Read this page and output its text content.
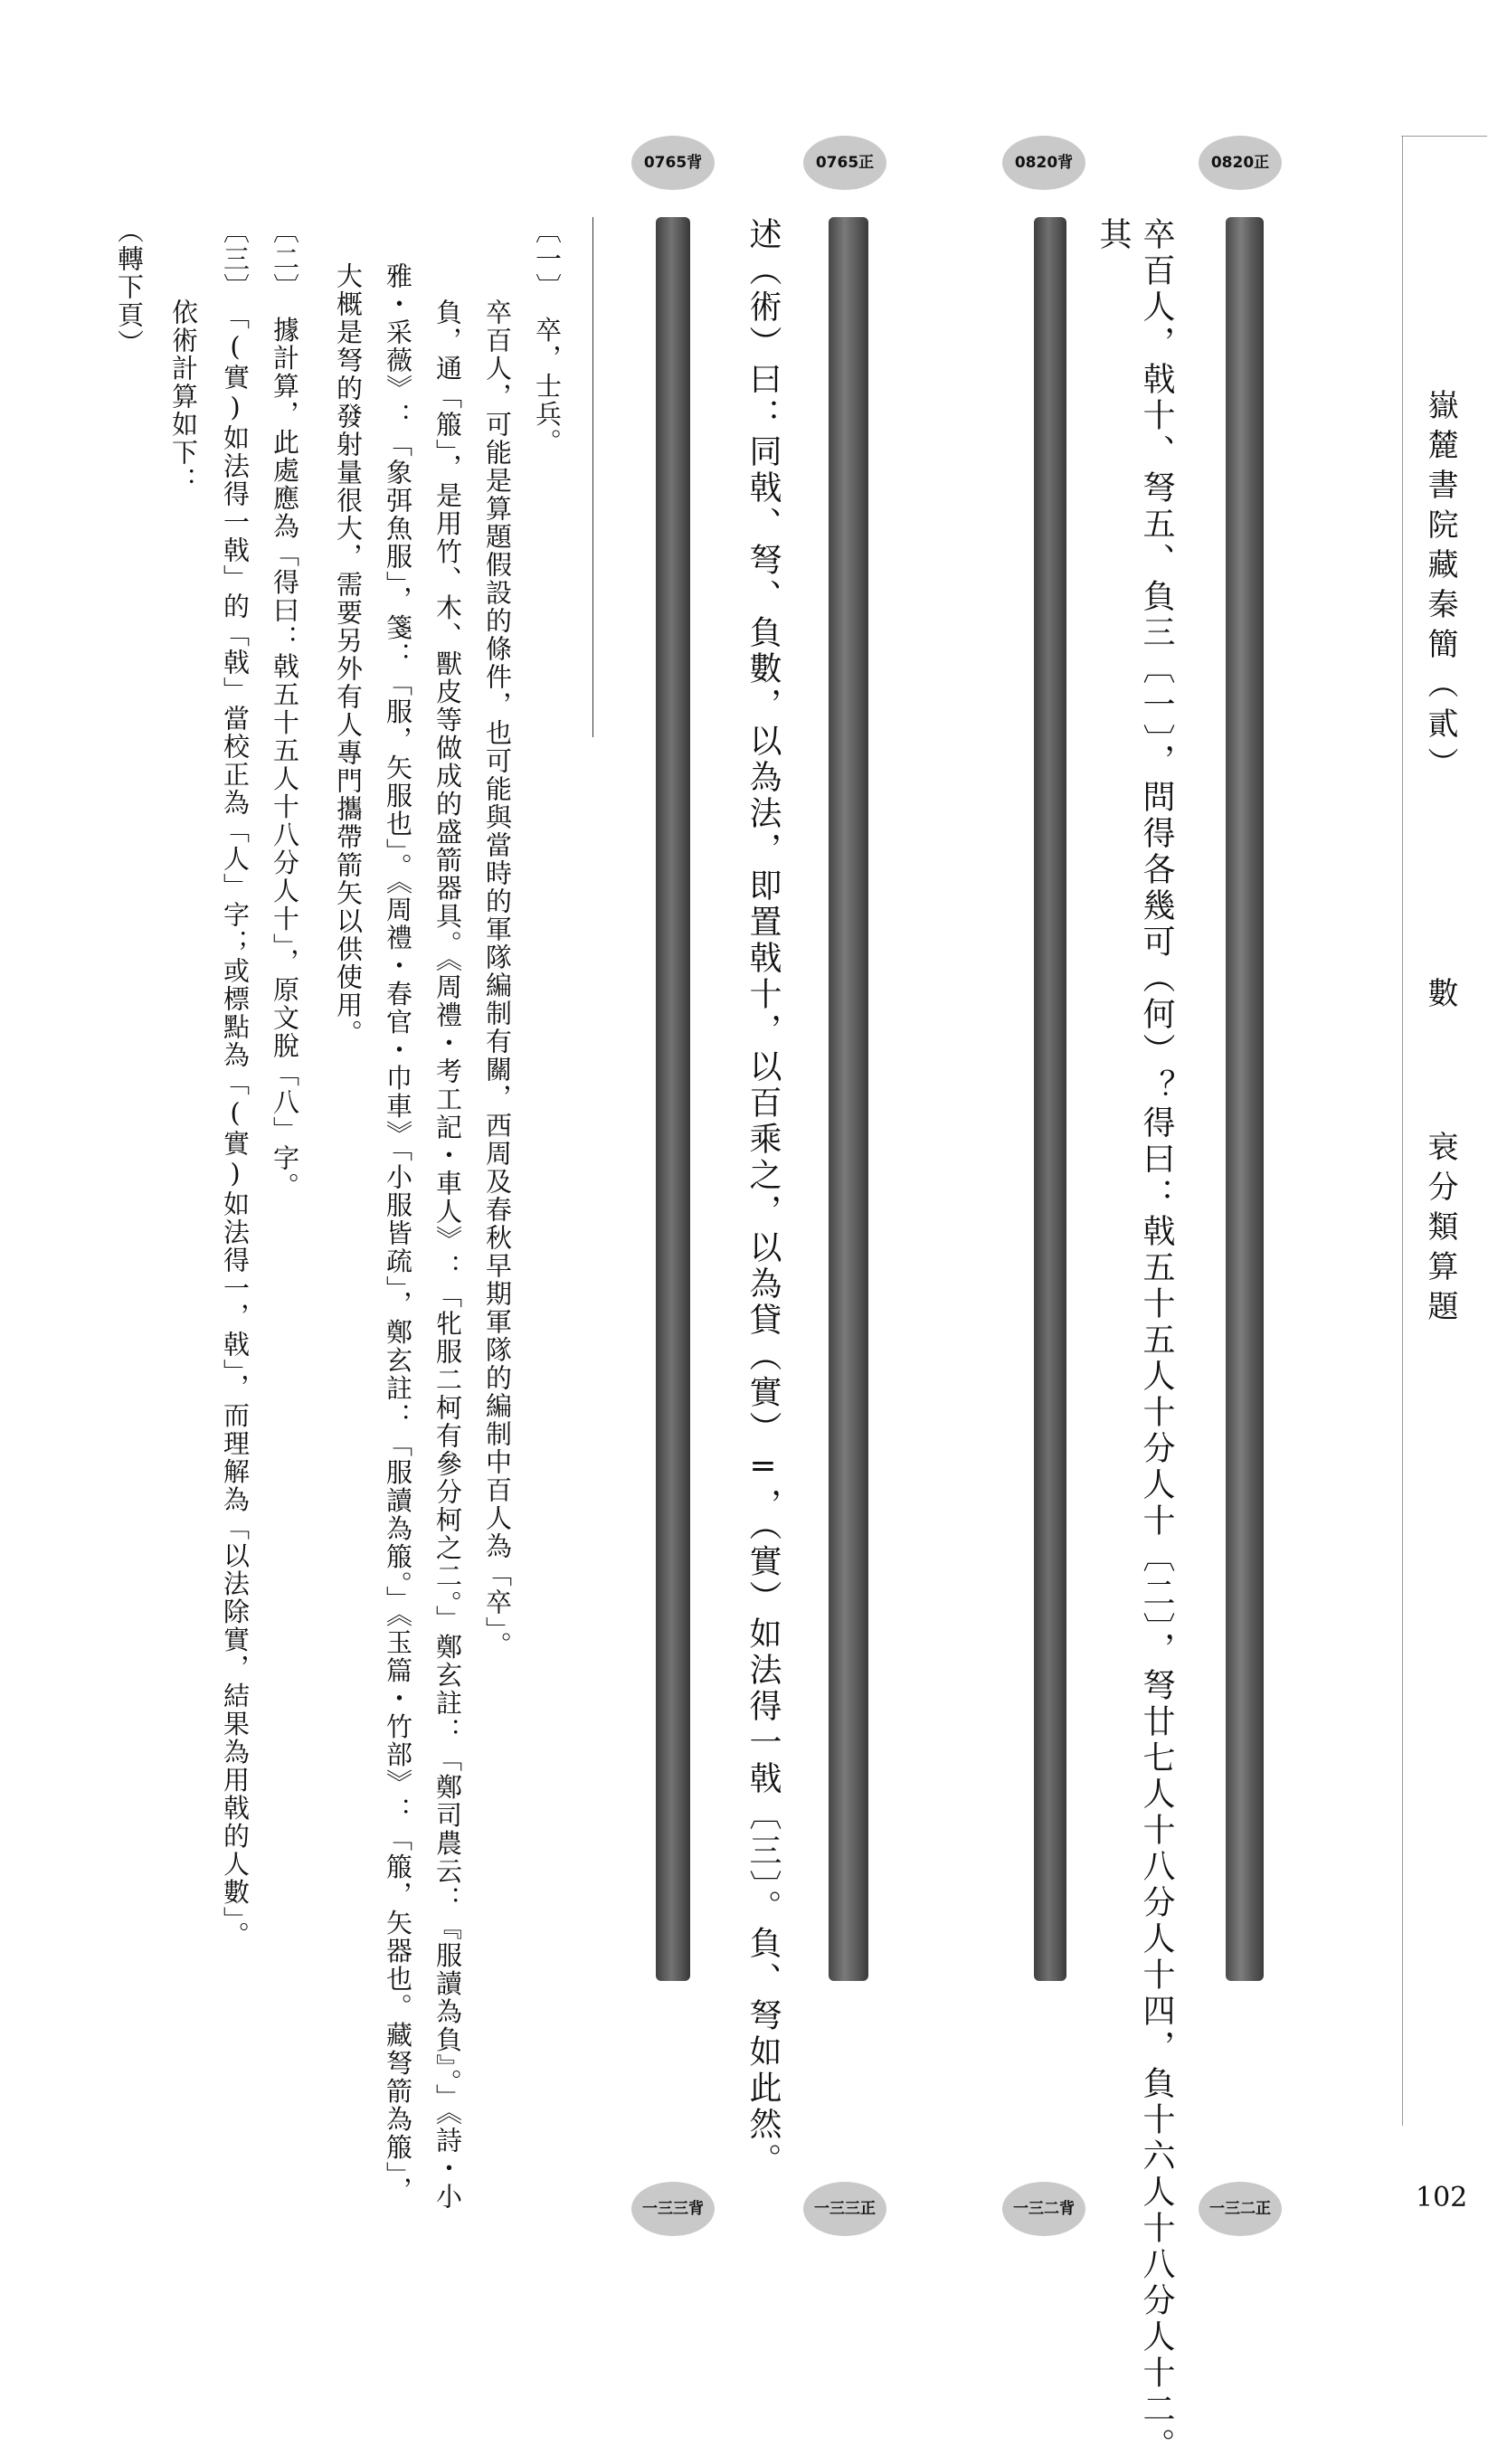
嶽麓書院藏秦簡（貳）
數
衰分類算題
102
0820正
0820背
0765正
0765背
一三二正
一三二背
一三三正
一三三背	卒百人，戟十、弩五、負三〔一〕，問得各幾可（何）？得曰：戟五十五人十分人十〔二〕，弩廿七人十八分人十四，負十六人十八分人十二。
其
述（術）曰：同戟、弩、負數，以為法，即置戟十，以百乘之，以為貸（實）=，（實）如法得一戟〔三〕。負、弩如此然。
〔一〕　卒，士兵。
卒百人，可能是算題假設的條件，也可能與當時的軍隊編制有關，西周及春秋早期軍隊的編制中百人為「卒」。
負，通「箙」，是用竹、木、獸皮等做成的盛箭器具。《周禮・考工記・車人》：「牝服二柯有參分柯之二。」鄭玄註：「鄭司農云：『服讀為負』。」《詩・小
雅・采薇》：「象弭魚服」，箋：「服，矢服也」。《周禮・春官・巾車》「小服皆疏」，鄭玄註：「服讀為箙。」《玉篇・竹部》：「箙，矢器也。藏弩箭為箙」，
大概是弩的發射量很大，需要另外有人專門攜帶箭矢以供使用。
〔二〕　據計算，此處應為「得曰：戟五十五人十八分人十」，原文脫「八」字。
〔三〕　「(實)如法得一戟」的「戟」當校正為「人」字；或標點為「(實)如法得一，戟」，而理解為「以法除實，結果為用戟的人數」。
依術計算如下：
（轉下頁）
